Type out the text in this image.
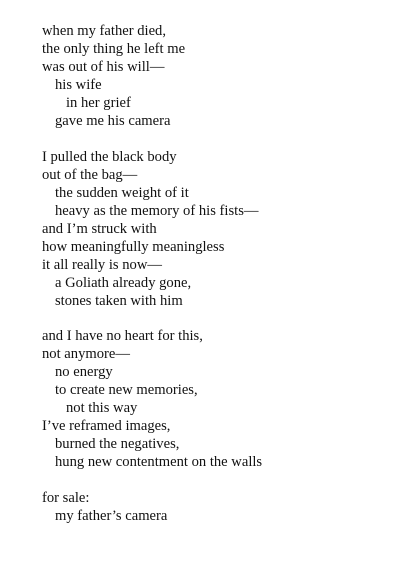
when my father died,
the only thing he left me
was out of his will—
his wife
in her grief
gave me his camera
I pulled the black body
out of the bag—
the sudden weight of it
heavy as the memory of his fists—
and I’m struck with
how meaningfully meaningless
it all really is now—
a Goliath already gone,
stones taken with him
and I have no heart for this,
not anymore—
no energy
to create new memories,
not this way
I’ve reframed images,
burned the negatives,
hung new contentment on the walls
for sale:
my father’s camera
